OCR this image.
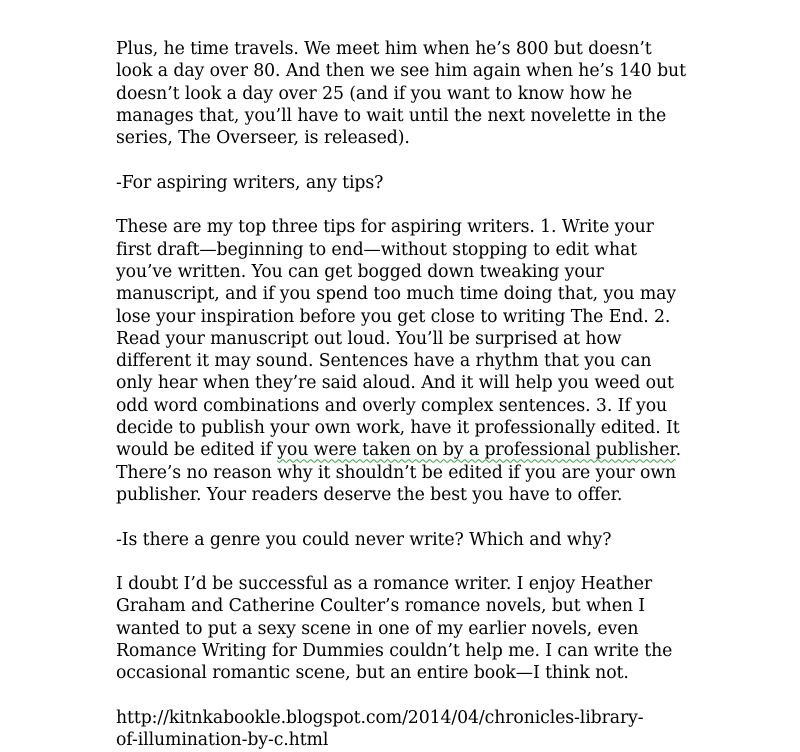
Plus, he time travels. We meet him when he’s 800 but doesn’t
look a day over 80. And then we see him again when he’s 140 but
doesn’t look a day over 25 (and if you want to know how he
manages that, you’ll have to wait until the next novelette in the
series, The Overseer, is released).

-For aspiring writers, any tips?

These are my top three tips for aspiring writers. 1. Write your
first draft—beginning to end—without stopping to edit what
you’ve written. You can get bogged down tweaking your
manuscript, and if you spend too much time doing that, you may
lose your inspiration before you get close to writing The End. 2.
Read your manuscript out loud. You’ll be surprised at how
different it may sound. Sentences have a rhythm that you can
only hear when they’re said aloud. And it will help you weed out
odd word combinations and overly complex sentences. 3. If you
decide to publish your own work, have it professionally edited. It
would be edited if you were taken on by a professional publisher.
There’s no reason why it shouldn’t be edited if you are your own
publisher. Your readers deserve the best you have to offer.

-Is there a genre you could never write? Which and why?

I doubt I’d be successful as a romance writer. I enjoy Heather
Graham and Catherine Coulter’s romance novels, but when I
wanted to put a sexy scene in one of my earlier novels, even
Romance Writing for Dummies couldn’t help me. I can write the
occasional romantic scene, but an entire book—I think not.

http://kitnkabookle.blogspot.com/2014/04/chronicles-library-
of-illumination-by-c.html
